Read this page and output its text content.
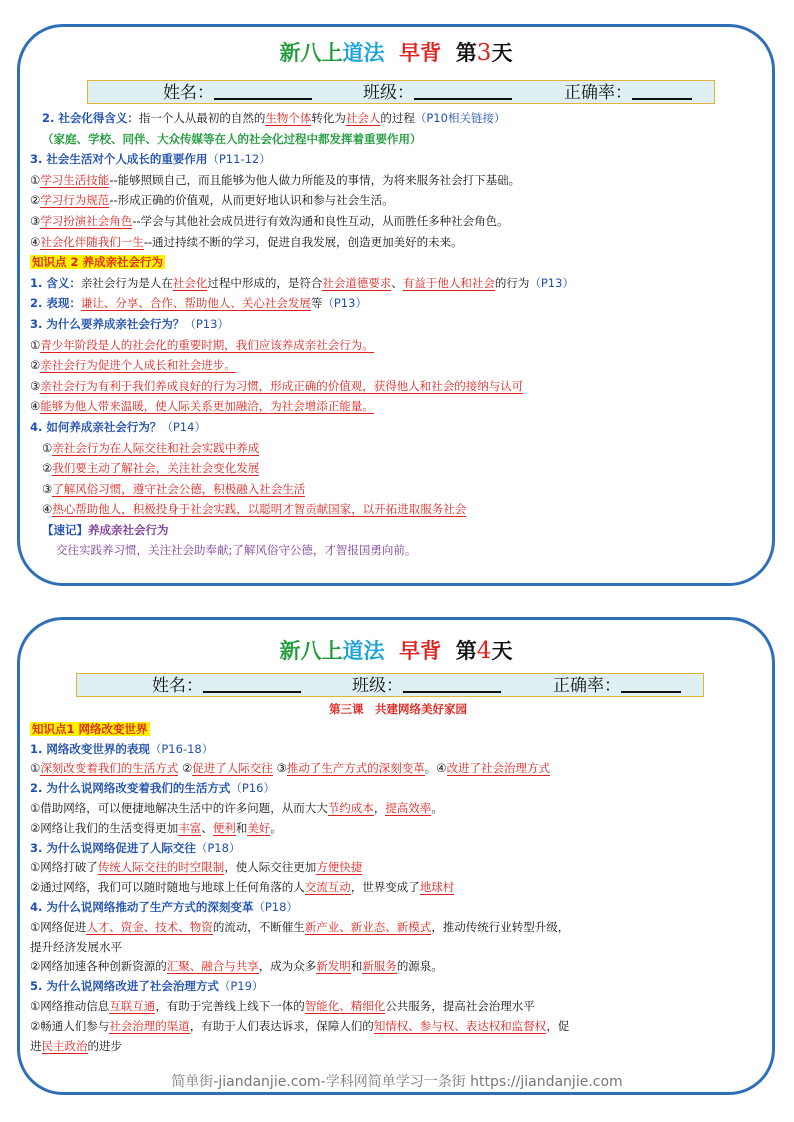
新八上道法 早背 第3天
姓名：	班级：	正确率：
2. 社会化得含义：指一个人从最初的自然的生物个体转化为社会人的过程（P10相关链接）
（家庭、学校、同伴、大众传媒等在人的社会化过程中都发挥着重要作用）
3. 社会生活对个人成长的重要作用（P11-12）
①学习生活技能--能够照顾自己，而且能够为他人做力所能及的事情，为将来服务社会打下基础。
②学习行为规范--形成正确的价值观，从而更好地认识和参与社会生活。
③学习扮演社会角色--学会与其他社会成员进行有效沟通和良性互动，从而胜任多种社会角色。
④社会化伴随我们一生--通过持续不断的学习，促进自我发展，创造更加美好的未来。
知识点 2 养成亲社会行为
1. 含义：亲社会行为是人在社会化过程中形成的，是符合社会道德要求、有益于他人和社会的行为（P13）
2. 表现：谦让、分享、合作、帮助他人、关心社会发展等（P13）
3. 为什么要养成亲社会行为？（P13）
①青少年阶段是人的社会化的重要时期，我们应该养成亲社会行为。
②亲社会行为促进个人成长和社会进步。
③亲社会行为有利于我们养成良好的行为习惯，形成正确的价值观，获得他人和社会的接纳与认可
④能够为他人带来温暖，使人际关系更加融洽，为社会增添正能量。
4. 如何养成亲社会行为？（P14）
①亲社会行为在人际交往和社会实践中养成
②我们要主动了解社会，关注社会变化发展
③了解风俗习惯，遵守社会公德，积极融入社会生活
④热心帮助他人，积极投身于社会实践，以聪明才智贡献国家，以开拓进取服务社会
【速记】养成亲社会行为
交往实践养习惯，关注社会助奉献;了解风俗守公德，才智报国勇向前。
新八上道法 早背 第4天
姓名：	班级：	正确率：
第三课　共建网络美好家园
知识点1 网络改变世界
1. 网络改变世界的表现（P16-18）
①深刻改变着我们的生活方式 ②促进了人际交往 ③推动了生产方式的深刻变革。④改进了社会治理方式
2. 为什么说网络改变着我们的生活方式（P16）
①借助网络，可以便捷地解决生活中的许多问题，从而大大节约成本，提高效率。
②网络让我们的生活变得更加丰富、便利和美好。
3. 为什么说网络促进了人际交往（P18）
①网络打破了传统人际交往的时空限制，使人际交往更加方便快捷
②通过网络，我们可以随时随地与地球上任何角落的人交流互动，世界变成了地球村
4. 为什么说网络推动了生产方式的深刻变革（P18）
①网络促进人才、资金、技术、物资的流动，不断催生新产业、新业态、新模式，推动传统行业转型升级，
提升经济发展水平
②网络加速各种创新资源的汇聚、融合与共享，成为众多新发明和新服务的源泉。
5. 为什么说网络改进了社会治理方式（P19）
①网络推动信息互联互通，有助于完善线上线下一体的智能化、精细化公共服务，提高社会治理水平
②畅通人们参与社会治理的渠道，有助于人们表达诉求，保障人们的知情权、参与权、表达权和监督权，促
进民主政治的进步
简单街-jiandanjie.com-学科网简单学习一条街 https://jiandanjie.com
